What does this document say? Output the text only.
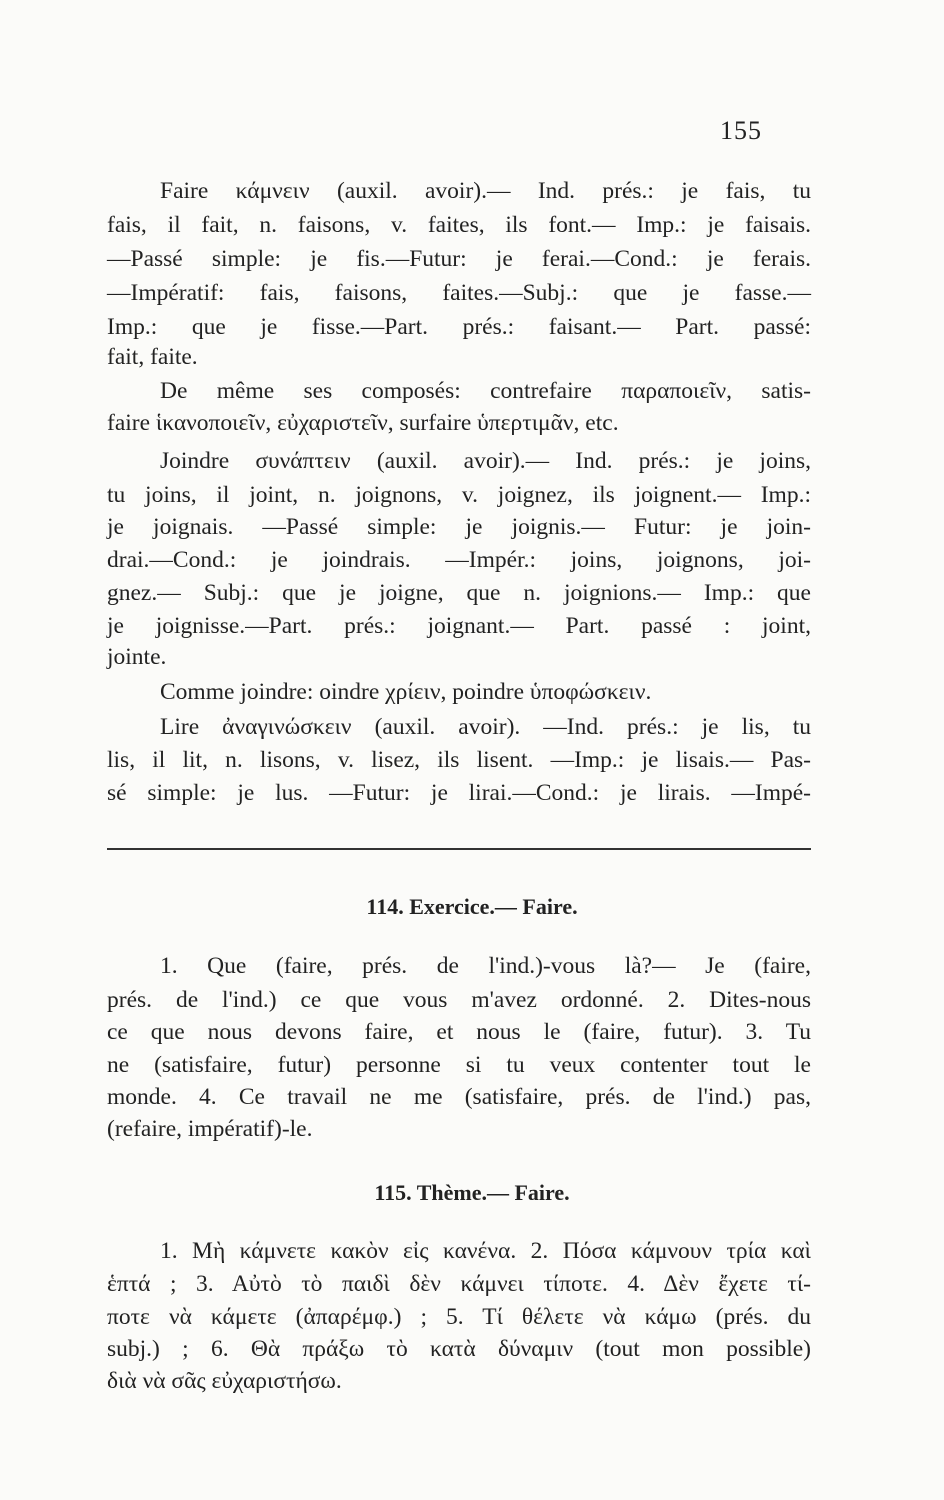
155
Faire κάμνειν (auxil. avoir).— Ind. prés.: je fais, tu
fais, il fait, n. faisons, v. faites, ils font.— Imp.: je faisais.
—Passé simple: je fis.—Futur: je ferai.—Cond.: je ferais.
—Impératif: fais, faisons, faites.—Subj.: que je fasse.—
Imp.: que je fisse.—Part. prés.: faisant.— Part. passé:
fait, faite.
De même ses composés: contrefaire παραποιεῖν, satis-
faire ἱκανοποιεῖν, εὐχαριστεῖν, surfaire ὑπερτιμᾶν, etc.
Joindre συνάπτειν (auxil. avoir).— Ind. prés.: je joins,
tu joins, il joint, n. joignons, v. joignez, ils joignent.— Imp.:
je joignais. —Passé simple: je joignis.— Futur: je join-
drai.—Cond.: je joindrais. —Impér.: joins, joignons, joi-
gnez.— Subj.: que je joigne, que n. joignions.— Imp.: que
je joignisse.—Part. prés.: joignant.— Part. passé : joint,
jointe.
Comme joindre: oindre χρίειν, poindre ὑποφώσκειν.
Lire ἀναγινώσκειν (auxil. avoir). —Ind. prés.: je lis, tu
lis, il lit, n. lisons, v. lisez, ils lisent. —Imp.: je lisais.— Pas-
sé simple: je lus. —Futur: je lirai.—Cond.: je lirais. —Impé-
114. Exercice.— Faire.
1. Que (faire, prés. de l'ind.)-vous là?— Je (faire,
prés. de l'ind.) ce que vous m'avez ordonné. 2. Dites-nous
ce que nous devons faire, et nous le (faire, futur). 3. Tu
ne (satisfaire, futur) personne si tu veux contenter tout le
monde. 4. Ce travail ne me (satisfaire, prés. de l'ind.) pas,
(refaire, impératif)-le.
115. Thème.— Faire.
1. Μὴ κάμνετε κακὸν εἰς κανένα. 2. Πόσα κάμνουν τρία καὶ
ἑπτά ; 3. Αὐτὸ τὸ παιδὶ δὲν κάμνει τίποτε. 4. Δὲν ἔχετε τί-
ποτε νὰ κάμετε (ἀπαρέμφ.) ; 5. Τί θέλετε νὰ κάμω (prés. du
subj.) ; 6. Θὰ πράξω τὸ κατὰ δύναμιν (tout mon possible)
διὰ νὰ σᾶς εὐχαριστήσω.
